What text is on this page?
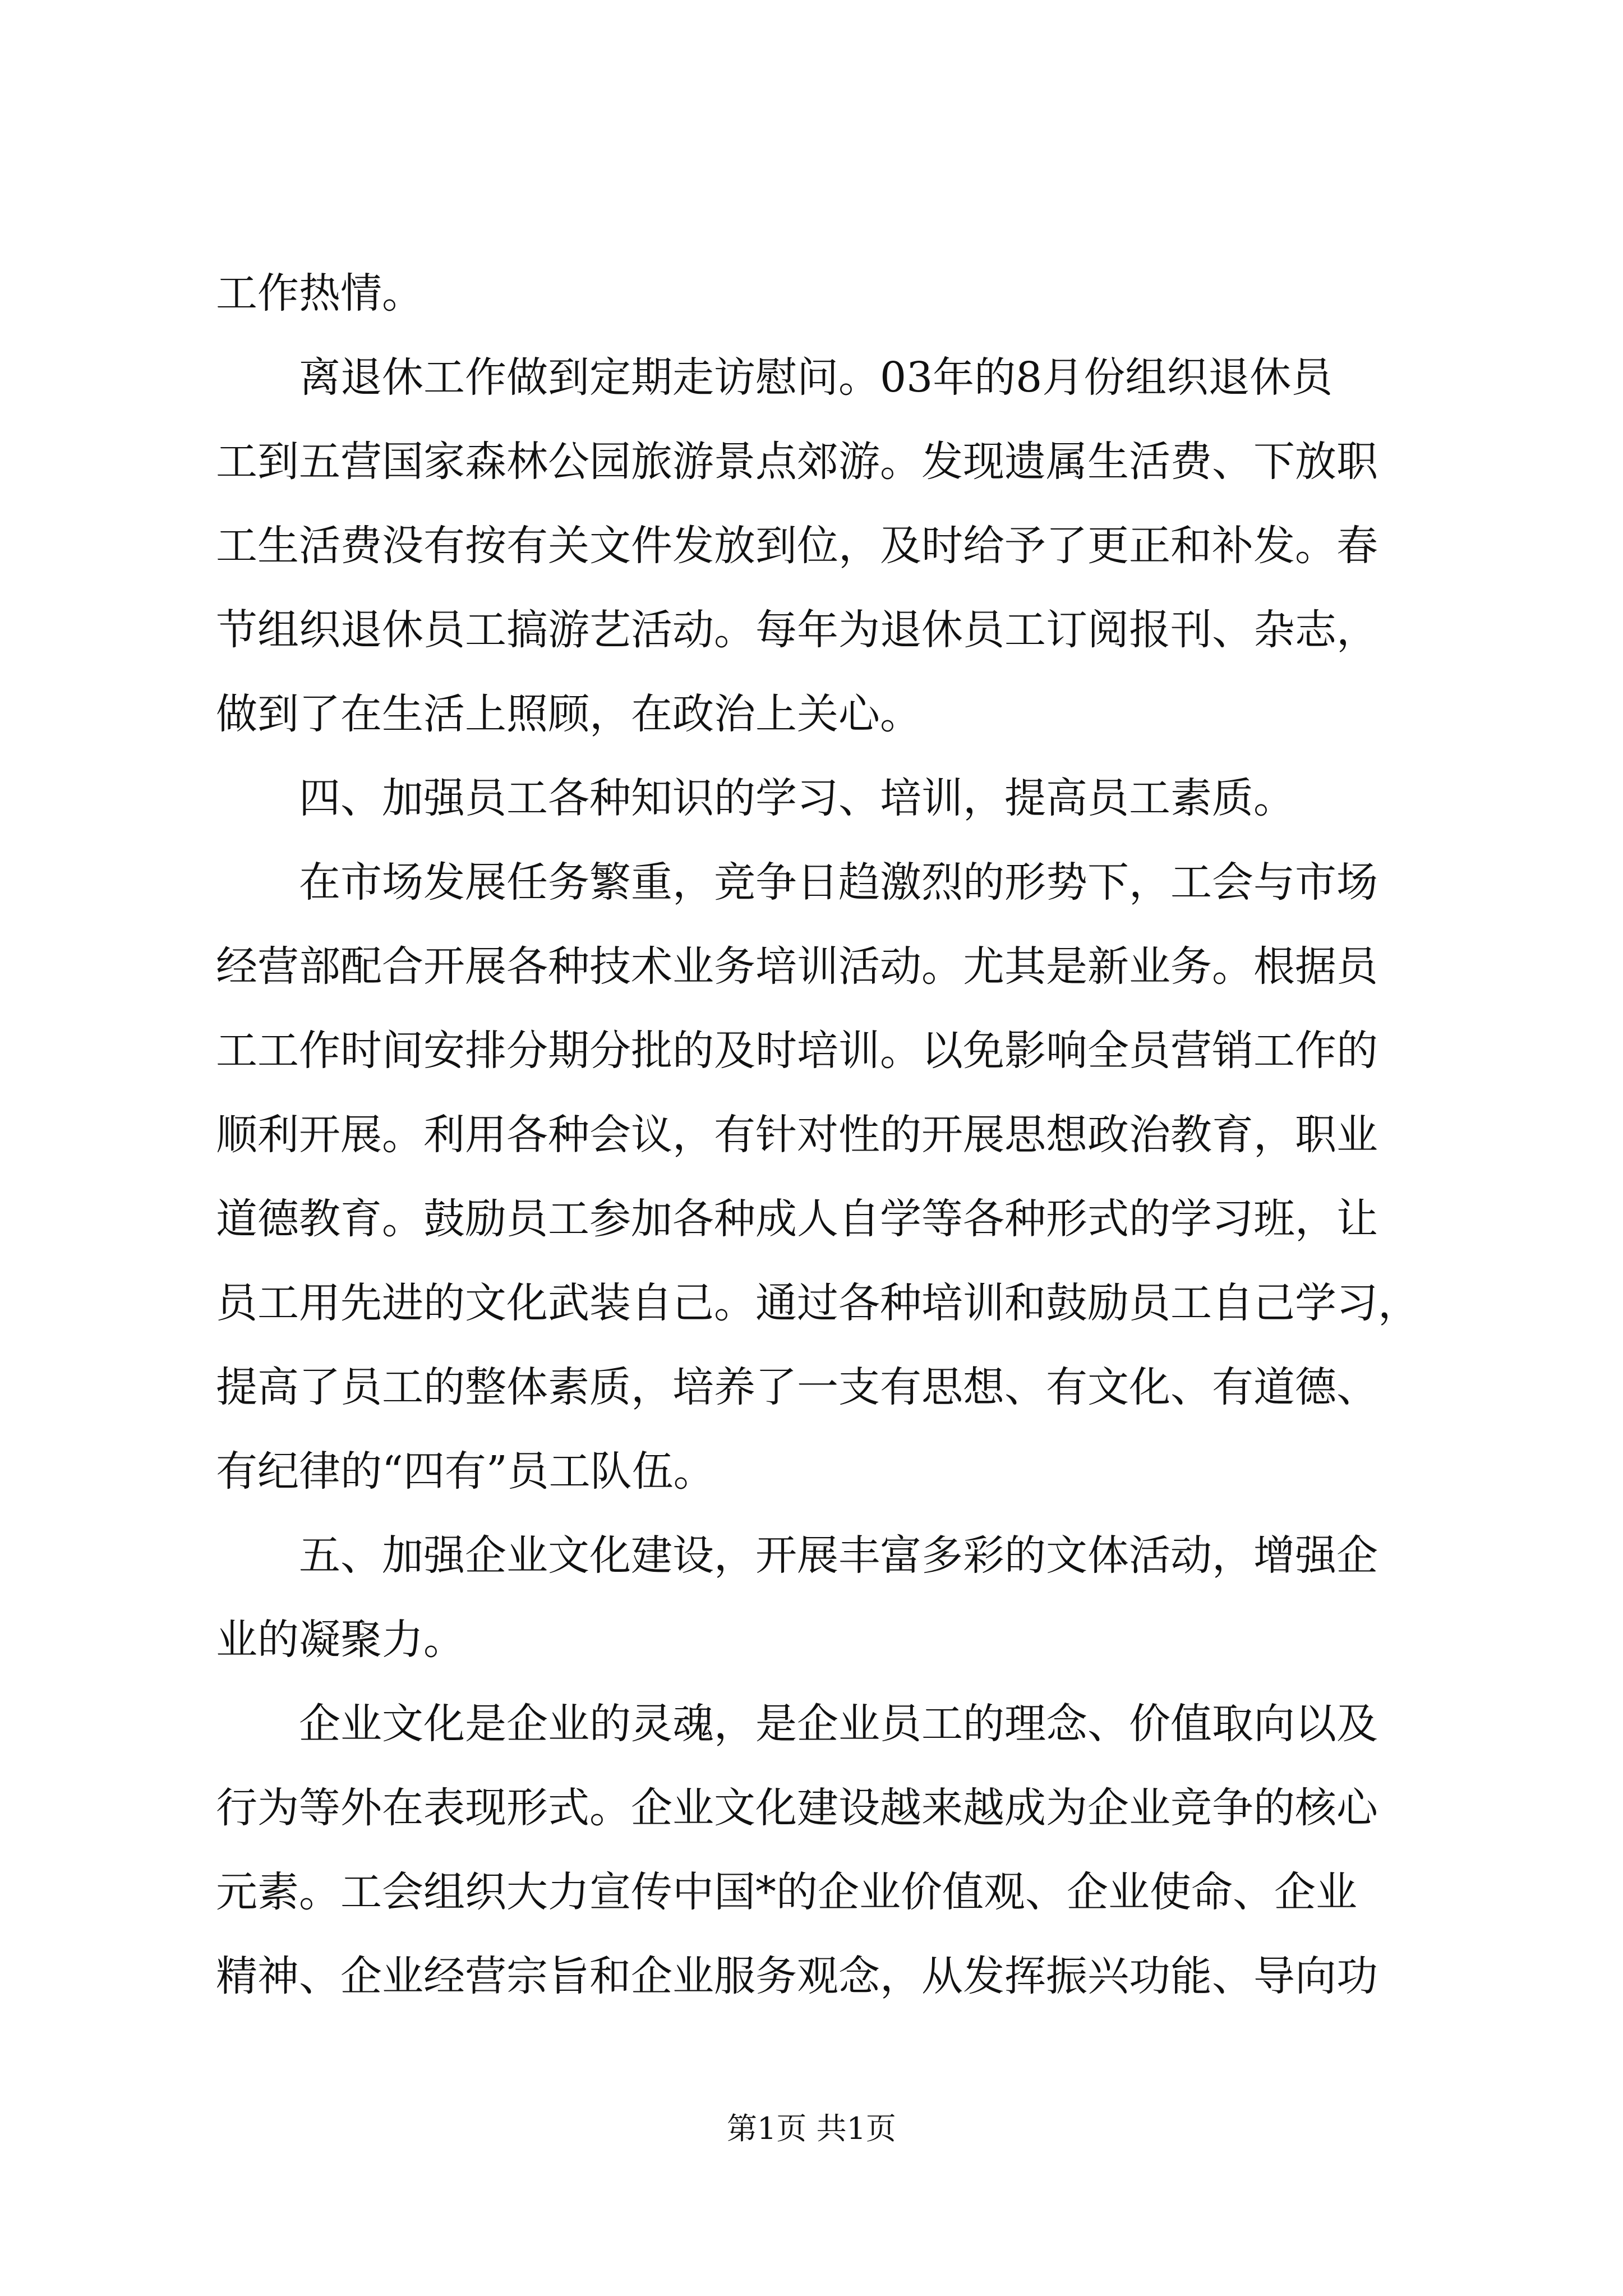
工作热情。
离退休工作做到定期走访慰问。03年的8月份组织退休员
工到五营国家森林公园旅游景点郊游。发现遗属生活费、下放职
工生活费没有按有关文件发放到位，及时给予了更正和补发。春
节组织退休员工搞游艺活动。每年为退休员工订阅报刊、杂志，
做到了在生活上照顾，在政治上关心。
四、加强员工各种知识的学习、培训，提高员工素质。
在市场发展任务繁重，竞争日趋激烈的形势下，工会与市场
经营部配合开展各种技术业务培训活动。尤其是新业务。根据员
工工作时间安排分期分批的及时培训。以免影响全员营销工作的
顺利开展。利用各种会议，有针对性的开展思想政治教育，职业
道德教育。鼓励员工参加各种成人自学等各种形式的学习班，让
员工用先进的文化武装自己。通过各种培训和鼓励员工自己学习，
提高了员工的整体素质，培养了一支有思想、有文化、有道德、
有纪律的“四有”员工队伍。
五、加强企业文化建设，开展丰富多彩的文体活动，增强企
业的凝聚力。
企业文化是企业的灵魂，是企业员工的理念、价值取向以及
行为等外在表现形式。企业文化建设越来越成为企业竞争的核心
元素。工会组织大力宣传中国*的企业价值观、企业使命、企业
精神、企业经营宗旨和企业服务观念，从发挥振兴功能、导向功
第1页 共1页
